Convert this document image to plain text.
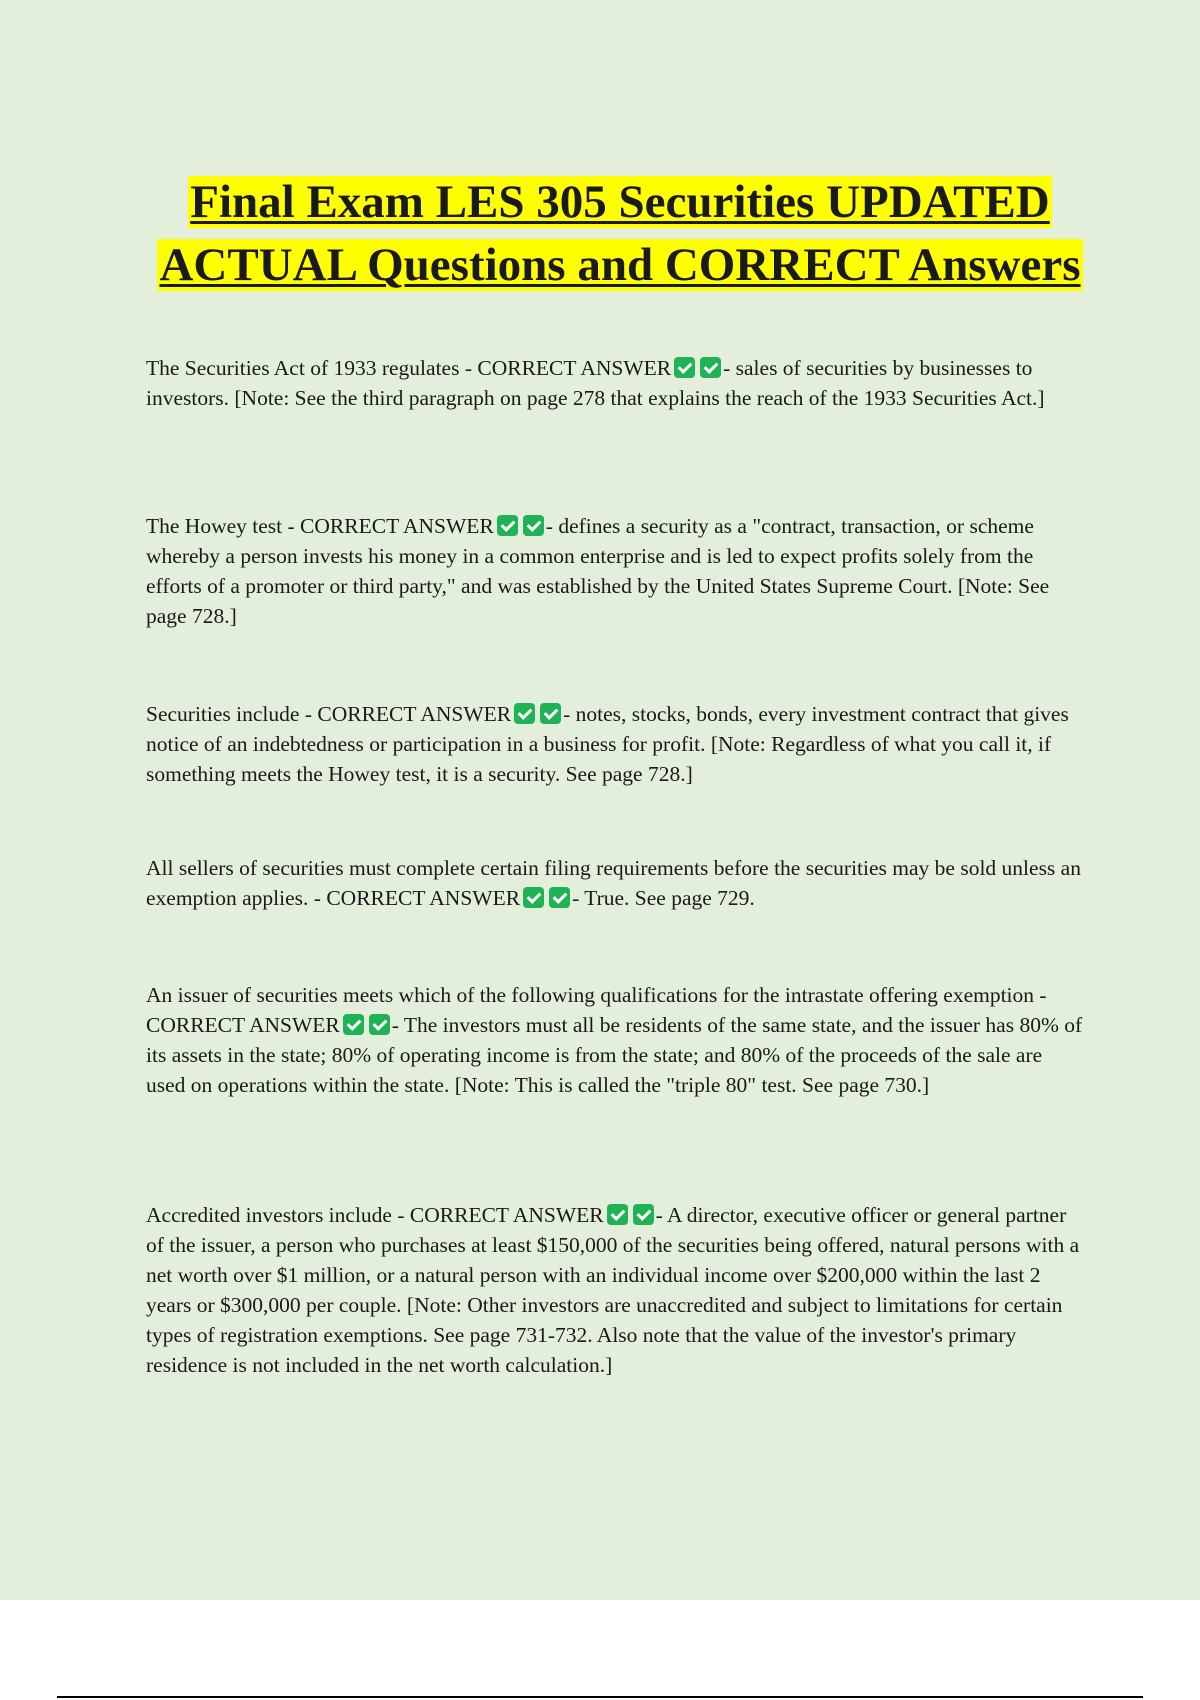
Final Exam LES 305 Securities UPDATED ACTUAL Questions and CORRECT Answers

The Securities Act of 1933 regulates - CORRECT ANSWER - sales of securities by businesses to investors. [Note: See the third paragraph on page 278 that explains the reach of the 1933 Securities Act.]

The Howey test - CORRECT ANSWER - defines a security as a "contract, transaction, or scheme whereby a person invests his money in a common enterprise and is led to expect profits solely from the efforts of a promoter or third party," and was established by the United States Supreme Court. [Note: See page 728.]

Securities include - CORRECT ANSWER - notes, stocks, bonds, every investment contract that gives notice of an indebtedness or participation in a business for profit. [Note: Regardless of what you call it, if something meets the Howey test, it is a security. See page 728.]

All sellers of securities must complete certain filing requirements before the securities may be sold unless an exemption applies. - CORRECT ANSWER - True. See page 729.

An issuer of securities meets which of the following qualifications for the intrastate offering exemption - CORRECT ANSWER - The investors must all be residents of the same state, and the issuer has 80% of its assets in the state; 80% of operating income is from the state; and 80% of the proceeds of the sale are used on operations within the state. [Note: This is called the "triple 80" test. See page 730.]

Accredited investors include - CORRECT ANSWER - A director, executive officer or general partner of the issuer, a person who purchases at least $150,000 of the securities being offered, natural persons with a net worth over $1 million, or a natural person with an individual income over $200,000 within the last 2 years or $300,000 per couple. [Note: Other investors are unaccredited and subject to limitations for certain types of registration exemptions. See page 731-732. Also note that the value of the investor's primary residence is not included in the net worth calculation.]
